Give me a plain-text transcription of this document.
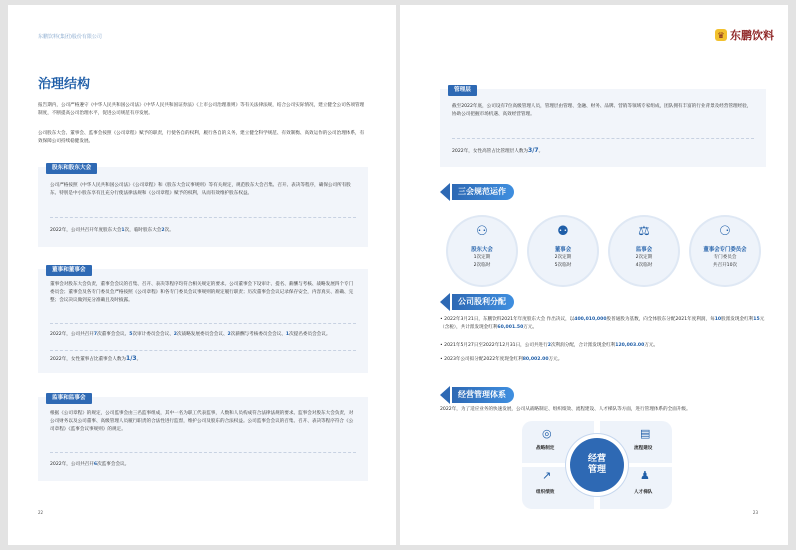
东鹏饮料(集团)股份有限公司
治理结构
报告期内，公司严格遵守《中华人民共和国公司法》《中华人民共和国证券法》《上市公司治理准则》等有关法律法规，结合公司实际情况，建立健全公司各项管理制度，不断提高公司治理水平，促进公司规范有序发展。
公司股东大会、董事会、监事会按照《公司章程》赋予的职责，行使各自的权利，履行各自的义务，建立健全科学规范、有效制衡、高效运作的公司治理体系，有效保障公司持续稳健发展。
股东和股东大会
公司严格按照《中华人民共和国公司法》《公司章程》和《股东大会议事规则》等有关规定，规范股东大会召集、召开、表决等程序，确保公司所有股东、特别是中小股东享有且充分行使法律法规和《公司章程》赋予的权利，从而有效维护股东权益。
2022年，公司共召开年度股东大会1次，临时股东大会2次。
董事和董事会
董事会对股东大会负责，董事会会议的召集、召开、表决等程序均符合相关规定的要求。公司董事会下设审计、提名、薪酬与考核、战略发展四个专门委员会；董事会及各专门委员会严格按照《公司章程》和各专门委员会议事规则的规定履行职责；历次董事会会议记录保存安全，内容真实、准确、完整；会议决议做到充分准确且及时披露。
2022年，公司共召开7次董事会会议、5次审计委员会会议、2次战略发展委员会会议、2次薪酬与考核委员会会议、1次提名委员会会议。
2022年，女性董事占比董事会人数为1/3。
监事和监事会
根据《公司章程》的规定，公司监事会由三名监事组成，其中一名为职工代表监事，人数和人员构成符合法律法规的要求。监事会对股东大会负责，对公司财务以及公司董事、高级管理人员履行职责的合法性进行监督，维护公司及股东的合法权益。公司监事会会议的召集、召开、表决等程序符合《公司章程》《监事会议事规则》的规定。
2022年，公司共召开6次监事会会议。
22
♛ 东鹏饮料
管理层
截至2022年底，公司设有7位高级管理人员，管理层由管理、金融、财务、品牌、营销等领域专家组成，团队拥有丰富的行业背景及经营管理经验，协助公司把握市场机遇、高效经营管理。
2022年，女性高管占比管理层人数为3/7。
三会规范运作
⚇
股东大会
1次定期
2次临时
⚉
董事会
2次定期
5次临时
⚖
监事会
2次定期
4次临时
⚆
董事会专门委员会
专门委员会
共召开10次
公司股利分配
• 2022年3月21日，东鹏饮料2021年年度股东大会 作出决议，以400,010,000股普通股为基数，向全体股东分配2021年度利润，每10股派发现金红利15元（含税），共计派发现金红利60,001.50万元。
• 2021年5月27日至2022年12月31日，公司共进行2次利润分配，合计派发现金红利120,003.00万元。
• 2023年公司拟分配2022年度现金红利80,002.00万元。
经营管理体系
2022年，为了适应业务的快速发展，公司从战略制定、组织绩效、流程建设、人才梯队等方面，进行管理体系的全面升级。
◎
战略制定
▤
流程建设
↗
组织绩效
♟
人才梯队
经营
管理
23
